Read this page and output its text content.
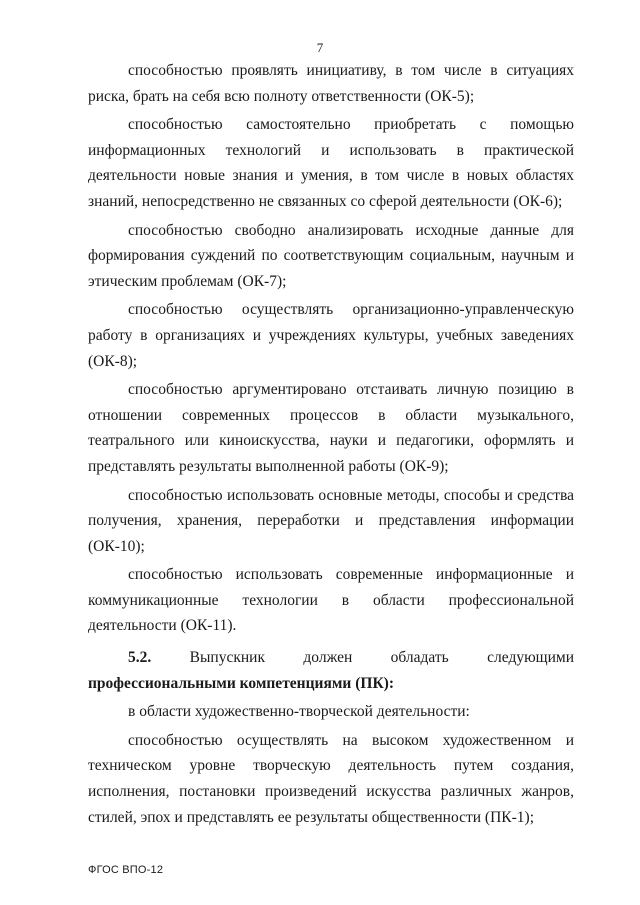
7

способностью проявлять инициативу, в том числе в ситуациях риска, брать на себя всю полноту ответственности (ОК-5);

способностью самостоятельно приобретать с помощью информационных технологий и использовать в практической деятельности новые знания и умения, в том числе в новых областях знаний, непосредственно не связанных со сферой деятельности (ОК-6);

способностью свободно анализировать исходные данные для формирования суждений по соответствующим социальным, научным и этическим проблемам (ОК-7);

способностью осуществлять организационно-управленческую работу в организациях и учреждениях культуры, учебных заведениях (ОК-8);

способностью аргументировано отстаивать личную позицию в отношении современных процессов в области музыкального, театрального или киноискусства, науки и педагогики, оформлять и представлять результаты выполненной работы (ОК-9);

способностью использовать основные методы, способы и средства получения, хранения, переработки и представления информации (ОК-10);

способностью использовать современные информационные и коммуникационные технологии в области профессиональной деятельности (ОК-11).

5.2. Выпускник должен обладать следующими профессиональными компетенциями (ПК):

в области художественно-творческой деятельности:

способностью осуществлять на высоком художественном и техническом уровне творческую деятельность путем создания, исполнения, постановки произведений искусства различных жанров, стилей, эпох и представлять ее результаты общественности (ПК-1);

ФГОС ВПО-12
